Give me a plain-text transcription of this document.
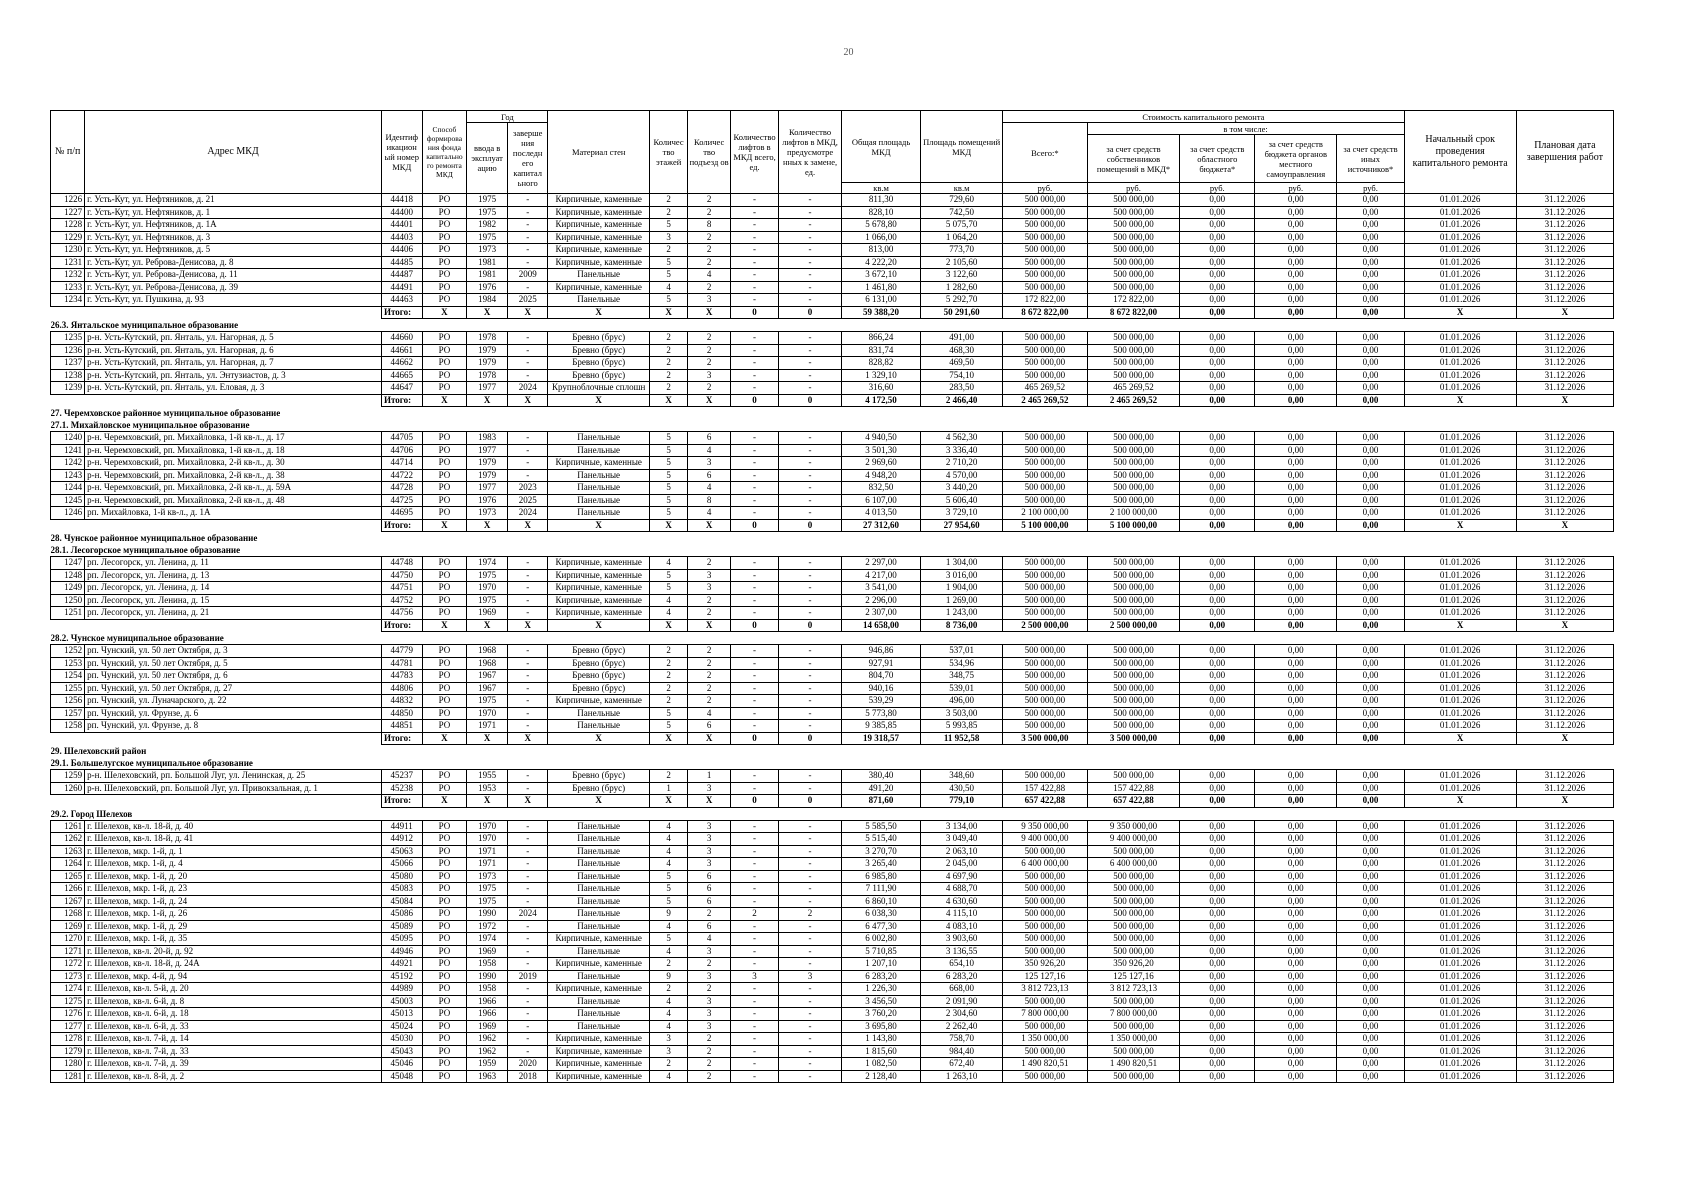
20
№ п/п	Адрес МКД	Идентиф икацион ый номер МКД	Способ формирова ния фонда капитально го ремонта МКД	Год		Материал стен	Количес тво этажей	Количес тво подъезд ов	Количество лифтов в МКД всего, ед.	Количество лифтов в МКД, предусмотре нных к замене, ед.	Общая площадь МКД	Площадь помещений МКД	Стоимость капитального ремонта					Начальный срок проведения капитального ремонта	Плановая дата завершения работ
				ввода в эксплуат ацию	заверше ния последн его капитал ьного								Всего:*	в том числе:					
														за счет средств собственников помещений в МКД*	за счет средств областного бюджета*	за счет средств бюджета органов местного самоуправления	за счет средств иных источников*		
											кв.м	кв.м	руб.	руб.	руб.	руб.	руб.		
1226	г. Усть-Кут, ул. Нефтяников, д. 21	44418	РО	1975	-	Кирпичные, каменные	2	2	-	-	811,30	729,60	500 000,00	500 000,00	0,00	0,00	0,00	01.01.2026	31.12.2026
1227	г. Усть-Кут, ул. Нефтяников, д. 1	44400	РО	1975	-	Кирпичные, каменные	2	2	-	-	828,10	742,50	500 000,00	500 000,00	0,00	0,00	0,00	01.01.2026	31.12.2026
1228	г. Усть-Кут, ул. Нефтяников, д. 1А	44401	РО	1982	-	Кирпичные, каменные	5	8	-	-	5 678,80	5 075,70	500 000,00	500 000,00	0,00	0,00	0,00	01.01.2026	31.12.2026
1229	г. Усть-Кут, ул. Нефтяников, д. 3	44403	РО	1975	-	Кирпичные, каменные	3	2	-	-	1 066,00	1 064,20	500 000,00	500 000,00	0,00	0,00	0,00	01.01.2026	31.12.2026
1230	г. Усть-Кут, ул. Нефтяников, д. 5	44406	РО	1973	-	Кирпичные, каменные	2	2	-	-	813,00	773,70	500 000,00	500 000,00	0,00	0,00	0,00	01.01.2026	31.12.2026
1231	г. Усть-Кут, ул. Реброва-Денисова, д. 8	44485	РО	1981	-	Кирпичные, каменные	5	2	-	-	4 222,20	2 105,60	500 000,00	500 000,00	0,00	0,00	0,00	01.01.2026	31.12.2026
1232	г. Усть-Кут, ул. Реброва-Денисова, д. 11	44487	РО	1981	2009	Панельные	5	4	-	-	3 672,10	3 122,60	500 000,00	500 000,00	0,00	0,00	0,00	01.01.2026	31.12.2026
1233	г. Усть-Кут, ул. Реброва-Денисова, д. 39	44491	РО	1976	-	Кирпичные, каменные	4	2	-	-	1 461,80	1 282,60	500 000,00	500 000,00	0,00	0,00	0,00	01.01.2026	31.12.2026
1234	г. Усть-Кут, ул. Пушкина, д. 93	44463	РО	1984	2025	Панельные	5	3	-	-	6 131,00	5 292,70	172 822,00	172 822,00	0,00	0,00	0,00	01.01.2026	31.12.2026
		Итого:	X	X	X	X	X	X	0	0	59 388,20	50 291,60	8 672 822,00	8 672 822,00	0,00	0,00	0,00	X	X
26.3. Янтальское муниципальное образование																			
1235	р-н. Усть-Кутский, рп. Янталь, ул. Нагорная, д. 5	44660	РО	1978	-	Бревно (брус)	2	2	-	-	866,24	491,00	500 000,00	500 000,00	0,00	0,00	0,00	01.01.2026	31.12.2026
1236	р-н. Усть-Кутский, рп. Янталь, ул. Нагорная, д. 6	44661	РО	1979	-	Бревно (брус)	2	2	-	-	831,74	468,30	500 000,00	500 000,00	0,00	0,00	0,00	01.01.2026	31.12.2026
1237	р-н. Усть-Кутский, рп. Янталь, ул. Нагорная, д. 7	44662	РО	1979	-	Бревно (брус)	2	2	-	-	828,82	469,50	500 000,00	500 000,00	0,00	0,00	0,00	01.01.2026	31.12.2026
1238	р-н. Усть-Кутский, рп. Янталь, ул. Энтузиастов, д. 3	44665	РО	1978	-	Бревно (брус)	2	3	-	-	1 329,10	754,10	500 000,00	500 000,00	0,00	0,00	0,00	01.01.2026	31.12.2026
1239	р-н. Усть-Кутский, рп. Янталь, ул. Еловая, д. 3	44647	РО	1977	2024	Крупноблочные сплошн	2	2	-	-	316,60	283,50	465 269,52	465 269,52	0,00	0,00	0,00	01.01.2026	31.12.2026
		Итого:	X	X	X	X	X	X	0	0	4 172,50	2 466,40	2 465 269,52	2 465 269,52	0,00	0,00	0,00	X	X
27. Черемховское районное муниципальное образование																			
27.1. Михайловское муниципальное образование																			
1240	р-н. Черемховский, рп. Михайловка, 1-й кв-л., д. 17	44705	РО	1983	-	Панельные	5	6	-	-	4 940,50	4 562,30	500 000,00	500 000,00	0,00	0,00	0,00	01.01.2026	31.12.2026
1241	р-н. Черемховский, рп. Михайловка, 1-й кв-л., д. 18	44706	РО	1977	-	Панельные	5	4	-	-	3 501,30	3 336,40	500 000,00	500 000,00	0,00	0,00	0,00	01.01.2026	31.12.2026
1242	р-н. Черемховский, рп. Михайловка, 2-й кв-л., д. 30	44714	РО	1979	-	Кирпичные, каменные	5	3	-	-	2 969,60	2 710,20	500 000,00	500 000,00	0,00	0,00	0,00	01.01.2026	31.12.2026
1243	р-н. Черемховский, рп. Михайловка, 2-й кв-л., д. 38	44722	РО	1979	-	Панельные	5	6	-	-	4 948,20	4 570,00	500 000,00	500 000,00	0,00	0,00	0,00	01.01.2026	31.12.2026
1244	р-н. Черемховский, рп. Михайловка, 2-й кв-л., д. 59А	44728	РО	1977	2023	Панельные	5	4	-	-	832,50	3 440,20	500 000,00	500 000,00	0,00	0,00	0,00	01.01.2026	31.12.2026
1245	р-н. Черемховский, рп. Михайловка, 2-й кв-л., д. 48	44725	РО	1976	2025	Панельные	5	8	-	-	6 107,00	5 606,40	500 000,00	500 000,00	0,00	0,00	0,00	01.01.2026	31.12.2026
1246	рп. Михайловка, 1-й кв-л., д. 1А	44695	РО	1973	2024	Панельные	5	4	-	-	4 013,50	3 729,10	2 100 000,00	2 100 000,00	0,00	0,00	0,00	01.01.2026	31.12.2026
		Итого:	X	X	X	X	X	X	0	0	27 312,60	27 954,60	5 100 000,00	5 100 000,00	0,00	0,00	0,00	X	X
28. Чунское районное муниципальное образование																			
28.1. Лесогорское муниципальное образование																			
1247	рп. Лесогорск, ул. Ленина, д. 11	44748	РО	1974	-	Кирпичные, каменные	4	2	-	-	2 297,00	1 304,00	500 000,00	500 000,00	0,00	0,00	0,00	01.01.2026	31.12.2026
1248	рп. Лесогорск, ул. Ленина, д. 13	44750	РО	1975	-	Кирпичные, каменные	5	3	-	-	4 217,00	3 016,00	500 000,00	500 000,00	0,00	0,00	0,00	01.01.2026	31.12.2026
1249	рп. Лесогорск, ул. Ленина, д. 14	44751	РО	1970	-	Кирпичные, каменные	5	3	-	-	3 541,00	1 904,00	500 000,00	500 000,00	0,00	0,00	0,00	01.01.2026	31.12.2026
1250	рп. Лесогорск, ул. Ленина, д. 15	44752	РО	1975	-	Кирпичные, каменные	4	2	-	-	2 296,00	1 269,00	500 000,00	500 000,00	0,00	0,00	0,00	01.01.2026	31.12.2026
1251	рп. Лесогорск, ул. Ленина, д. 21	44756	РО	1969	-	Кирпичные, каменные	4	2	-	-	2 307,00	1 243,00	500 000,00	500 000,00	0,00	0,00	0,00	01.01.2026	31.12.2026
		Итого:	X	X	X	X	X	X	0	0	14 658,00	8 736,00	2 500 000,00	2 500 000,00	0,00	0,00	0,00	X	X
28.2. Чунское муниципальное образование																			
1252	рп. Чунский, ул. 50 лет Октября, д. 3	44779	РО	1968	-	Бревно (брус)	2	2	-	-	946,86	537,01	500 000,00	500 000,00	0,00	0,00	0,00	01.01.2026	31.12.2026
1253	рп. Чунский, ул. 50 лет Октября, д. 5	44781	РО	1968	-	Бревно (брус)	2	2	-	-	927,91	534,96	500 000,00	500 000,00	0,00	0,00	0,00	01.01.2026	31.12.2026
1254	рп. Чунский, ул. 50 лет Октября, д. 6	44783	РО	1967	-	Бревно (брус)	2	2	-	-	804,70	348,75	500 000,00	500 000,00	0,00	0,00	0,00	01.01.2026	31.12.2026
1255	рп. Чунский, ул. 50 лет Октября, д. 27	44806	РО	1967	-	Бревно (брус)	2	2	-	-	940,16	539,01	500 000,00	500 000,00	0,00	0,00	0,00	01.01.2026	31.12.2026
1256	рп. Чунский, ул. Луначарского, д. 22	44832	РО	1975	-	Кирпичные, каменные	2	2	-	-	539,29	496,00	500 000,00	500 000,00	0,00	0,00	0,00	01.01.2026	31.12.2026
1257	рп. Чунский, ул. Фрунзе, д. 6	44850	РО	1970	-	Панельные	5	4	-	-	5 773,80	3 503,00	500 000,00	500 000,00	0,00	0,00	0,00	01.01.2026	31.12.2026
1258	рп. Чунский, ул. Фрунзе, д. 8	44851	РО	1971	-	Панельные	5	6	-	-	9 385,85	5 993,85	500 000,00	500 000,00	0,00	0,00	0,00	01.01.2026	31.12.2026
		Итого:	X	X	X	X	X	X	0	0	19 318,57	11 952,58	3 500 000,00	3 500 000,00	0,00	0,00	0,00	X	X
29. Шелеховский район																			
29.1. Большелугское муниципальное образование																			
1259	р-н. Шелеховский, рп. Большой Луг, ул. Ленинская, д. 25	45237	РО	1955	-	Бревно (брус)	2	1	-	-	380,40	348,60	500 000,00	500 000,00	0,00	0,00	0,00	01.01.2026	31.12.2026
1260	р-н. Шелеховский, рп. Большой Луг, ул. Привокзальная, д. 1	45238	РО	1953	-	Бревно (брус)	1	3	-	-	491,20	430,50	157 422,88	157 422,88	0,00	0,00	0,00	01.01.2026	31.12.2026
		Итого:	X	X	X	X	X	X	0	0	871,60	779,10	657 422,88	657 422,88	0,00	0,00	0,00	X	X
29.2. Город Шелехов																			
1261	г. Шелехов, кв-л. 18-й, д. 40	44911	РО	1970	-	Панельные	4	3	-	-	5 585,50	3 134,00	9 350 000,00	9 350 000,00	0,00	0,00	0,00	01.01.2026	31.12.2026
1262	г. Шелехов, кв-л. 18-й, д. 41	44912	РО	1970	-	Панельные	4	3	-	-	5 515,40	3 049,40	9 400 000,00	9 400 000,00	0,00	0,00	0,00	01.01.2026	31.12.2026
1263	г. Шелехов, мкр. 1-й, д. 1	45063	РО	1971	-	Панельные	4	3	-	-	3 270,70	2 063,10	500 000,00	500 000,00	0,00	0,00	0,00	01.01.2026	31.12.2026
1264	г. Шелехов, мкр. 1-й, д. 4	45066	РО	1971	-	Панельные	4	3	-	-	3 265,40	2 045,00	6 400 000,00	6 400 000,00	0,00	0,00	0,00	01.01.2026	31.12.2026
1265	г. Шелехов, мкр. 1-й, д. 20	45080	РО	1973	-	Панельные	5	6	-	-	6 985,80	4 697,90	500 000,00	500 000,00	0,00	0,00	0,00	01.01.2026	31.12.2026
1266	г. Шелехов, мкр. 1-й, д. 23	45083	РО	1975	-	Панельные	5	6	-	-	7 111,90	4 688,70	500 000,00	500 000,00	0,00	0,00	0,00	01.01.2026	31.12.2026
1267	г. Шелехов, мкр. 1-й, д. 24	45084	РО	1975	-	Панельные	5	6	-	-	6 860,10	4 630,60	500 000,00	500 000,00	0,00	0,00	0,00	01.01.2026	31.12.2026
1268	г. Шелехов, мкр. 1-й, д. 26	45086	РО	1990	2024	Панельные	9	2	2	2	6 038,30	4 115,10	500 000,00	500 000,00	0,00	0,00	0,00	01.01.2026	31.12.2026
1269	г. Шелехов, мкр. 1-й, д. 29	45089	РО	1972	-	Панельные	4	6	-	-	6 477,30	4 083,10	500 000,00	500 000,00	0,00	0,00	0,00	01.01.2026	31.12.2026
1270	г. Шелехов, мкр. 1-й, д. 35	45095	РО	1974	-	Кирпичные, каменные	5	4	-	-	6 002,80	3 903,60	500 000,00	500 000,00	0,00	0,00	0,00	01.01.2026	31.12.2026
1271	г. Шелехов, кв-л. 20-й, д. 92	44946	РО	1969	-	Панельные	4	3	-	-	5 710,85	3 136,55	500 000,00	500 000,00	0,00	0,00	0,00	01.01.2026	31.12.2026
1272	г. Шелехов, кв-л. 18-й, д. 24А	44921	РО	1958	-	Кирпичные, каменные	2	2	-	-	1 207,10	654,10	350 926,20	350 926,20	0,00	0,00	0,00	01.01.2026	31.12.2026
1273	г. Шелехов, мкр. 4-й, д. 94	45192	РО	1990	2019	Панельные	9	3	3	3	6 283,20	6 283,20	125 127,16	125 127,16	0,00	0,00	0,00	01.01.2026	31.12.2026
1274	г. Шелехов, кв-л. 5-й, д. 20	44989	РО	1958	-	Кирпичные, каменные	2	2	-	-	1 226,30	668,00	3 812 723,13	3 812 723,13	0,00	0,00	0,00	01.01.2026	31.12.2026
1275	г. Шелехов, кв-л. 6-й, д. 8	45003	РО	1966	-	Панельные	4	3	-	-	3 456,50	2 091,90	500 000,00	500 000,00	0,00	0,00	0,00	01.01.2026	31.12.2026
1276	г. Шелехов, кв-л. 6-й, д. 18	45013	РО	1966	-	Панельные	4	3	-	-	3 760,20	2 304,60	7 800 000,00	7 800 000,00	0,00	0,00	0,00	01.01.2026	31.12.2026
1277	г. Шелехов, кв-л. 6-й, д. 33	45024	РО	1969	-	Панельные	4	3	-	-	3 695,80	2 262,40	500 000,00	500 000,00	0,00	0,00	0,00	01.01.2026	31.12.2026
1278	г. Шелехов, кв-л. 7-й, д. 14	45030	РО	1962	-	Кирпичные, каменные	3	2	-	-	1 143,80	758,70	1 350 000,00	1 350 000,00	0,00	0,00	0,00	01.01.2026	31.12.2026
1279	г. Шелехов, кв-л. 7-й, д. 33	45043	РО	1962	-	Кирпичные, каменные	3	2	-	-	1 815,60	984,40	500 000,00	500 000,00	0,00	0,00	0,00	01.01.2026	31.12.2026
1280	г. Шелехов, кв-л. 7-й, д. 39	45046	РО	1959	2020	Кирпичные, каменные	2	2	-	-	1 082,50	672,40	1 490 820,51	1 490 820,51	0,00	0,00	0,00	01.01.2026	31.12.2026
1281	г. Шелехов, кв-л. 8-й, д. 2	45048	РО	1963	2018	Кирпичные, каменные	4	2	-	-	2 128,40	1 263,10	500 000,00	500 000,00	0,00	0,00	0,00	01.01.2026	31.12.2026
